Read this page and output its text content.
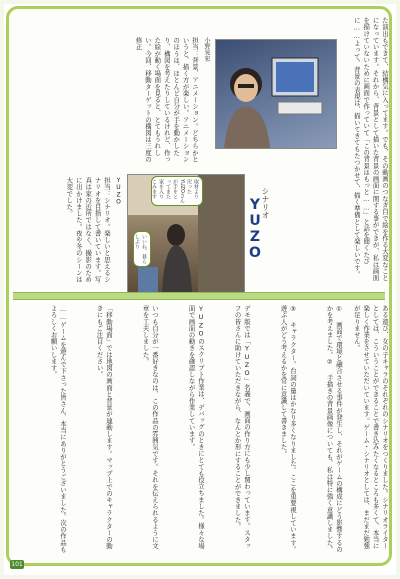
た演出もできて、結構気に入ってます。でも、その動画のつなぎ目で絵を作る大変なことになっています。それから、背景として描いた背景の画面に関する事ができが、私は画面を描けていないために画面で作っていて「この背景はもっと……」と話を聞くたびに……よって、背景の表現は、描いてきてもたつかせて、描く準備として楽しいです。
小野晃宏
担当：背景、アニメーション。どちらかというと、描く方が楽しい。アニメーションのほうは、ほとんど自分が手を動かしたり、構図を考えたりしているけれど、作った絵が動く場面を見ると、とてもうれしい。今回、移動ターゲットの構図は三度の修正
YUZO
担当：シナリオ。楽しいと思えるシナリオを目指して書いています。写真は家の近所ではなく、撮影のために出かけました。夜や冬のシーンは大変でした。	取材より戻ったYUZOさんが手をとってまた家を入りこみます
いいね、暮らしぶり
シナリオ
YUZO
ある遊び、女の子キャラのそれぞれのシナリオをつくりました。シナリオライターとしては、こういうことができることで書き込みたくなるところも多くて、本当に楽しく作業をさせていただいています。ゲーム・シナリオとしては、まだまだ勉強が足りません。
① 画面で環境と融合させる事件が発生し、それがゲームの構成にどう影響するのかを考えました。② 手描きの背景画像についても、私は特に強く意識しました。
③ キャラクター。台詞の量はかなり多くなりました。ここを重要視しています。遊ぶ人がどう考えるかを常に意識して書きました。
デモ版では「YUZO」名義で、画面の作り方にも少し関わっています。スタッフの皆さんに助けていただきながら、なんとか形にすることができました。
YUZOのスクリプト作業は、デバッグのときにとても役立ちました。様々な場面で画面の動きを確認しながら作業しています。
いつも自分が一番好きなのは、この作品の雰囲気です。それを伝えられるように文章を工夫しました。
「移動場面」では地図の画面と背景が連動します。マップ上でのキャラクターの動きにもご注目ください。
……ゲームを遊んで下さった皆さん、本当にありがとうございました。次の作品もよろしくお願いします。
101
